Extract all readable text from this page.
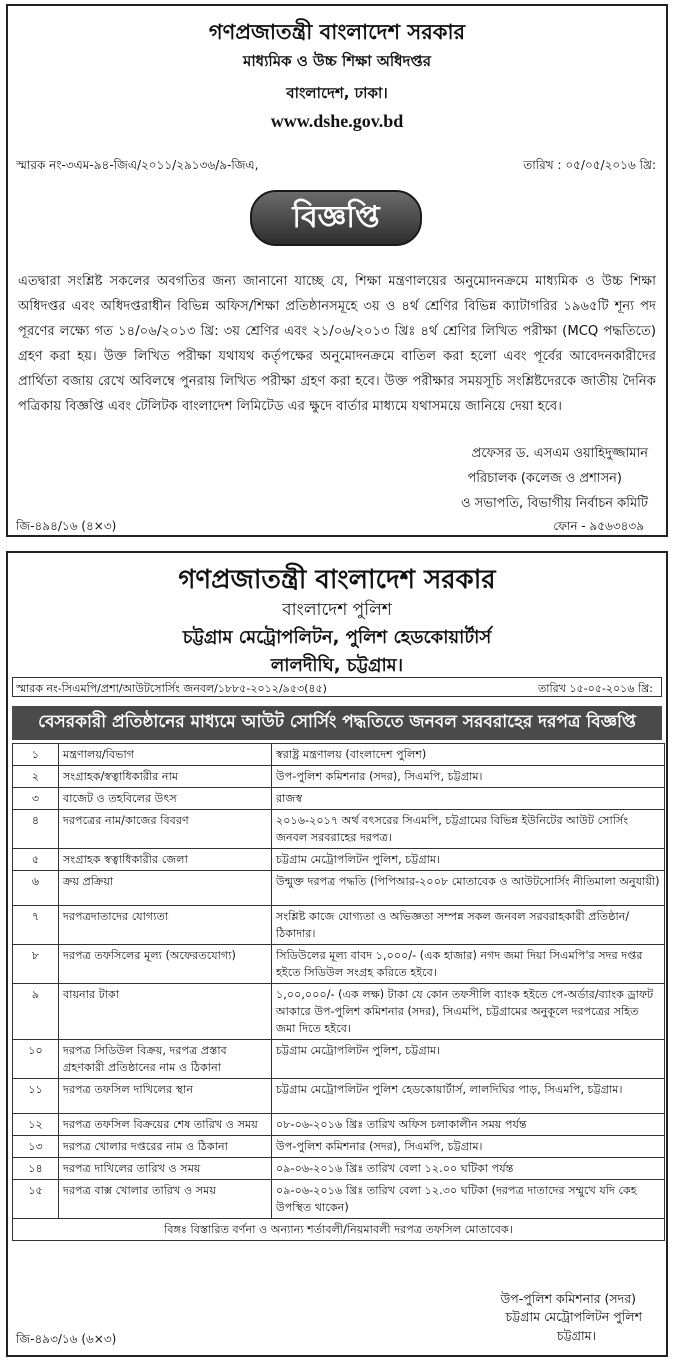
গণপ্রজাতন্ত্রী বাংলাদেশ সরকার
মাধ্যমিক ও উচ্চ শিক্ষা অধিদপ্তর
বাংলাদেশ, ঢাকা।
www.dshe.gov.bd
স্মারক নং-৩এম-৯৪-জিএ/২০১১/২৯১৩৬/৯-জিএ,	তারিখ : ০৫/০৫/২০১৬ খ্রি:
বিজ্ঞপ্তি
এতদ্বারা সংশ্লিষ্ট সকলের অবগতির জন্য জানানো যাচ্ছে যে, শিক্ষা মন্ত্রণালয়ের অনুমোদনক্রমে মাধ্যমিক ও উচ্চ শিক্ষা অধিদপ্তর এবং অধিদপ্তরাধীন বিভিন্ন অফিস/শিক্ষা প্রতিষ্ঠানসমূহে ৩য় ও ৪র্থ শ্রেণির বিভিন্ন ক্যাটাগরির ১৯৬৫টি শূন্য পদ পূরণের লক্ষ্যে গত ১৪/০৬/২০১৩ খ্রি: ৩য় শ্রেণির এবং ২১/০৬/২০১৩ খ্রিঃ ৪র্থ শ্রেণির লিখিত পরীক্ষা (MCQ পদ্ধতিতে) গ্রহণ করা হয়। উক্ত লিখিত পরীক্ষা যথাযথ কর্তৃপক্ষের অনুমোদনক্রমে বাতিল করা হলো এবং পূর্বের আবেদনকারীদের প্রার্থিতা বজায় রেখে অবিলম্বে পুনরায় লিখিত পরীক্ষা গ্রহণ করা হবে। উক্ত পরীক্ষার সময়সূচি সংশ্লিষ্টদেরকে জাতীয় দৈনিক পত্রিকায় বিজ্ঞপ্তি এবং টেলিটক বাংলাদেশ লিমিটেড এর ক্ষুদে বার্তার মাধ্যমে যথাসময়ে জানিয়ে দেয়া হবে।
প্রফেসর ড. এসএম ওয়াহিদুজ্জামান
পরিচালক (কলেজ ও প্রশাসন)
ও সভাপতি, বিভাগীয় নির্বাচন কমিটি
জি-৪৯৪/১৬ (৪×৩)	ফোন - ৯৫৬৩৪৩৯
গণপ্রজাতন্ত্রী বাংলাদেশ সরকার
বাংলাদেশ পুলিশ
চট্টগ্রাম মেট্রোপলিটন, পুলিশ হেডকোয়ার্টার্স
লালদীঘি, চট্টগ্রাম।
স্মারক নং-সিএমপি/প্রশা/আউটসোর্সিং জনবল/১৮৮৫-২০১২/৯৫৩(৪৫)	তারিখ ১৫-০৫-২০১৬ খ্রি:
বেসরকারী প্রতিষ্ঠানের মাধ্যমে আউট সোর্সিং পদ্ধতিতে জনবল সরবরাহের দরপত্র বিজ্ঞপ্তি
১	মন্ত্রণালয়/বিভাগ	স্বরাষ্ট্র মন্ত্রণালয় (বাংলাদেশ পুলিশ)
২	সংগ্রাহক/স্বত্বাধিকারীর নাম	উপ-পুলিশ কমিশনার (সদর), সিএমপি, চট্টগ্রাম।
৩	বাজেট ও তহবিলের উৎস	রাজস্ব
৪	দরপত্রের নাম/কাজের বিবরণ	২০১৬-২০১৭ অর্থ বৎসরের সিএমপি, চট্টগ্রামের বিভিন্ন ইউনিটের আউট সোর্সিং জনবল সরবরাহের দরপত্র।
৫	সংগ্রাহক স্বত্বাধিকারীর জেলা	চট্টগ্রাম মেট্রোপলিটন পুলিশ, চট্টগ্রাম।
৬	ক্রয় প্রক্রিয়া	উন্মুক্ত দরপত্র পদ্ধতি (পিপিআর-২০০৮ মোতাবেক ও আউটসোর্সিং নীতিমালা অনুযায়ী)
৭	দরপত্রদাতাদের যোগ্যতা	সংশ্লিষ্ট কাজে যোগ্যতা ও অভিজ্ঞতা সম্পন্ন সকল জনবল সরবরাহকারী প্রতিষ্ঠান/ঠিকাদার।
৮	দরপত্র তফসিলের মূল্য (অফেরতযোগ্য)	সিডিউলের মূল্য বাবদ ১,০০০/- (এক হাজার) নগদ জমা দিয়া সিএমপি'র সদর দপ্তর হইতে সিডিউল সংগ্রহ করিতে হইবে।
৯	বায়নার টাকা	১,০০,০০০/- (এক লক্ষ) টাকা যে কোন তফসীলি ব্যাংক হইতে পে-অর্ডার/ব্যাংক ড্রাফট আকারে উপ-পুলিশ কমিশনার (সদর), সিএমপি, চট্টগ্রামের অনুকূলে দরপত্রের সহিত জমা দিতে হইবে।
১০	দরপত্র সিডিউল বিক্রয়, দরপত্র প্রস্তাব গ্রহণকারী প্রতিষ্ঠানের নাম ও ঠিকানা	চট্টগ্রাম মেট্রোপলিটন পুলিশ, চট্টগ্রাম।
১১	দরপত্র তফসিল দাখিলের স্থান	চট্টগ্রাম মেট্রোপলিটন পুলিশ হেডকোয়ার্টার্স, লালদিঘির পাড়, সিএমপি, চট্টগ্রাম।
১২	দরপত্র তফসিল বিক্রয়ের শেষ তারিখ ও সময়	০৮-০৬-২০১৬ খ্রিঃ তারিখ অফিস চলাকালীন সময় পর্যন্ত
১৩	দরপত্র খোলার দপ্তরের নাম ও ঠিকানা	উপ-পুলিশ কমিশনার (সদর), সিএমপি, চট্টগ্রাম।
১৪	দরপত্র দাখিলের তারিখ ও সময়	০৯-০৬-২০১৬ খ্রিঃ তারিখ বেলা ১২.০০ ঘটিকা পর্যন্ত
১৫	দরপত্র বাক্স খোলার তারিখ ও সময়	০৯-০৬-২০১৬ খ্রিঃ তারিখ বেলা ১২.৩০ ঘটিকা (দরপত্র দাতাদের সম্মুখে যদি কেহ উপস্থিত থাকেন)
বিঙ্গঃ বিস্তারিত বর্ণনা ও অন্যান্য শর্তাবলী/নিয়মাবলী দরপত্র তফসিল মোতাবেক।		
উপ-পুলিশ কমিশনার (সদর)
চট্টগ্রাম মেট্রোপলিটন পুলিশ
চট্টগ্রাম।
জি-৪৯৩/১৬ (৬×৩)
